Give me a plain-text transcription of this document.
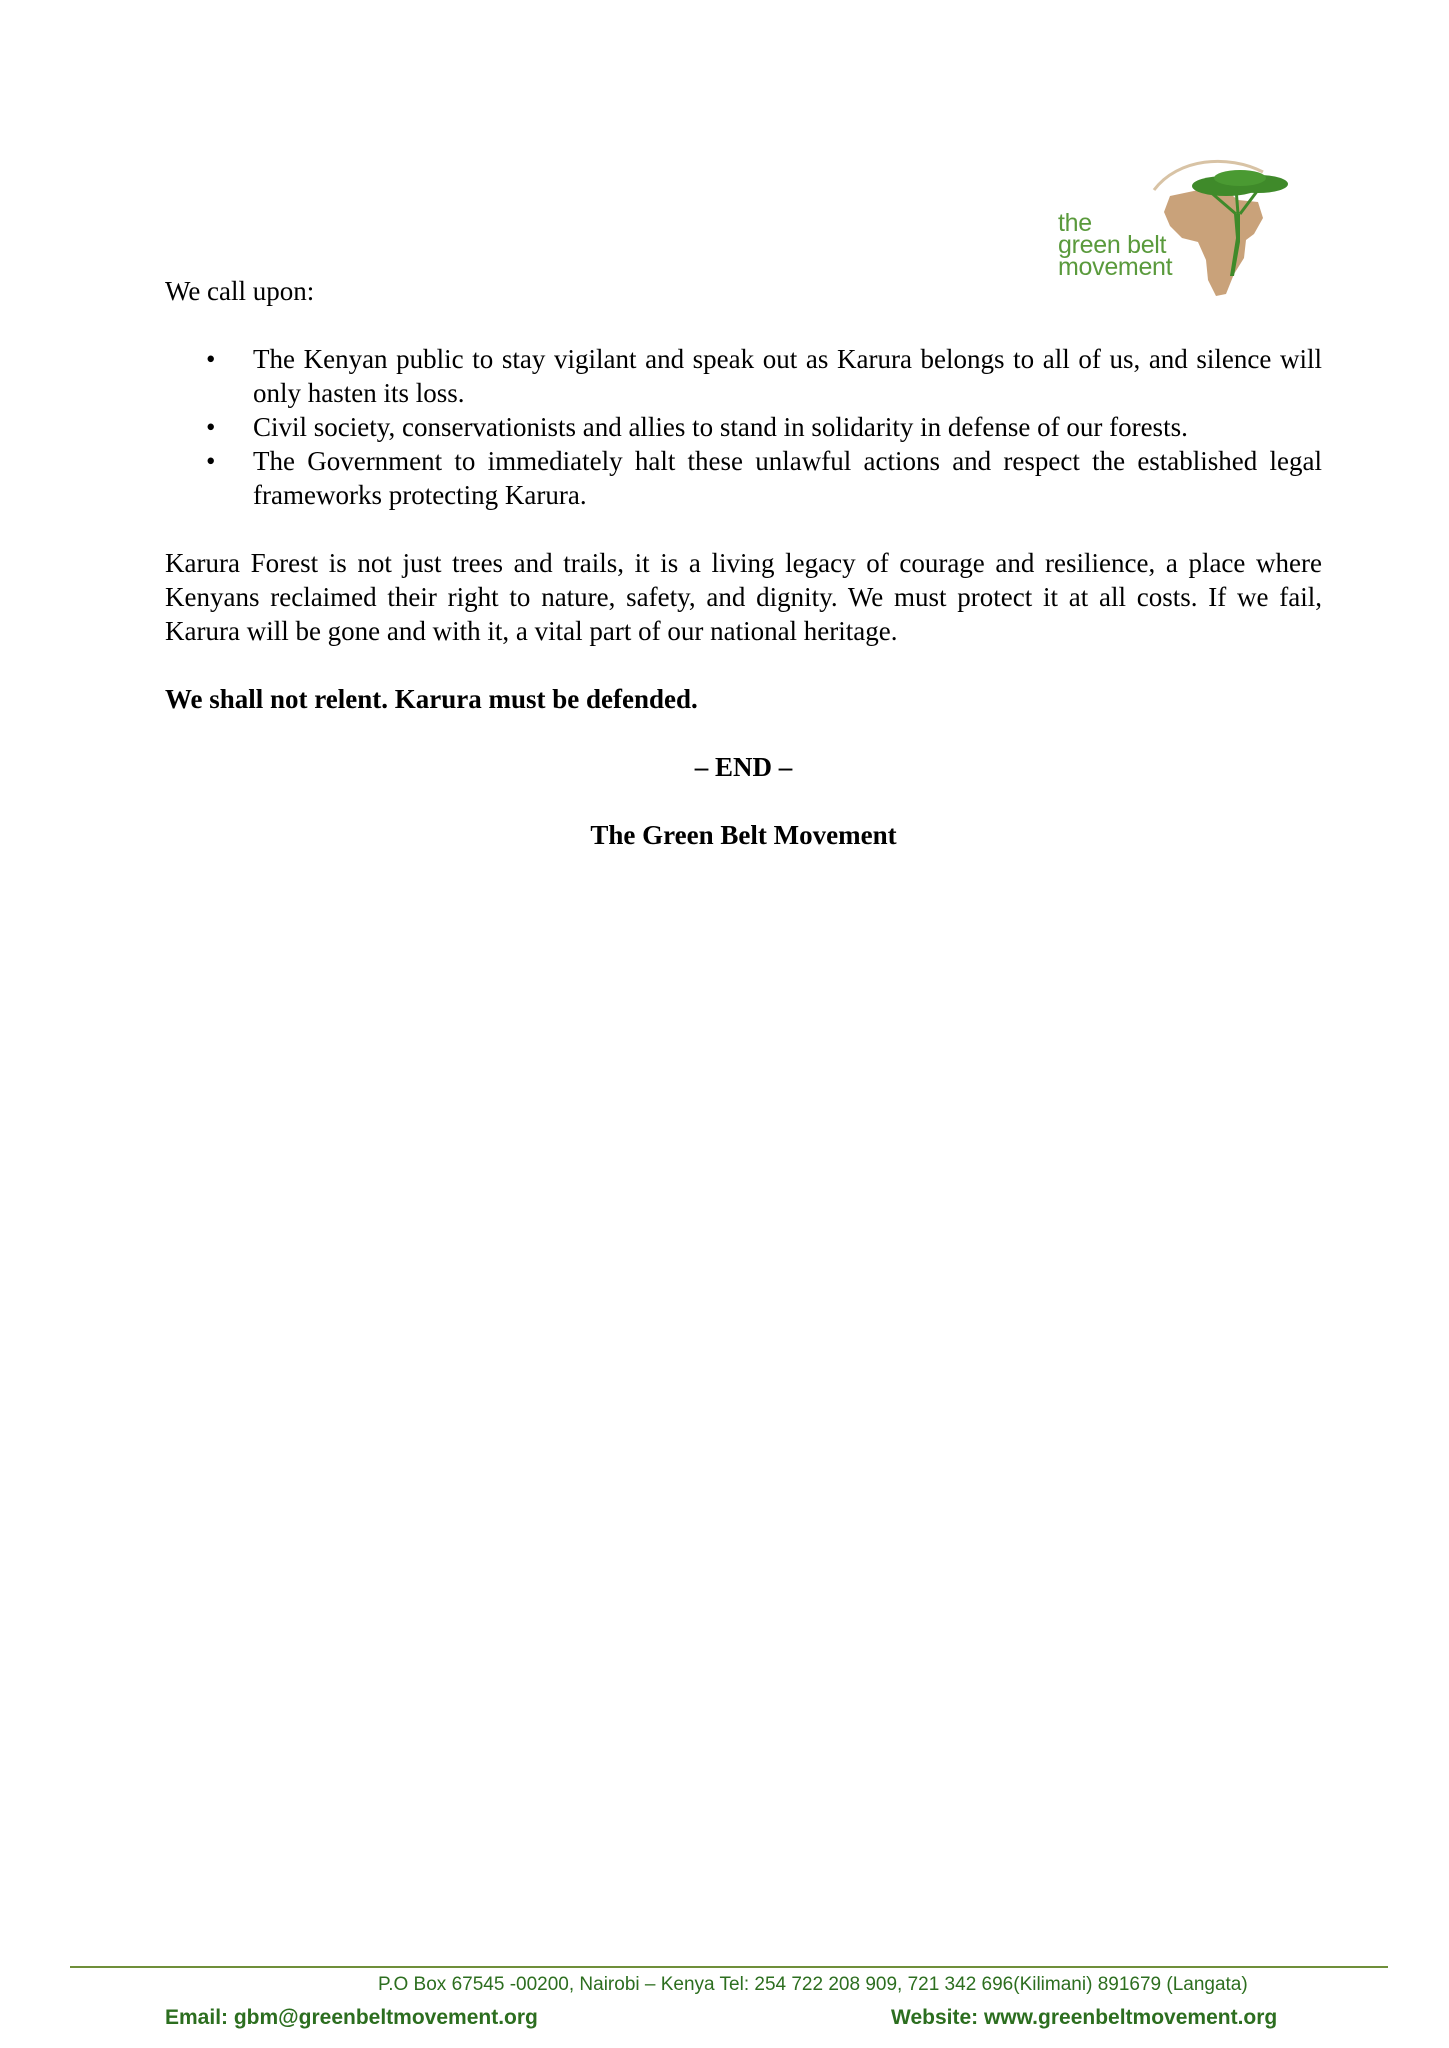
the
green belt
movement

We call upon:

• The Kenyan public to stay vigilant and speak out as Karura belongs to all of us, and silence will only hasten its loss.
• Civil society, conservationists and allies to stand in solidarity in defense of our forests.
• The Government to immediately halt these unlawful actions and respect the established legal frameworks protecting Karura.

Karura Forest is not just trees and trails, it is a living legacy of courage and resilience, a place where Kenyans reclaimed their right to nature, safety, and dignity. We must protect it at all costs. If we fail, Karura will be gone and with it, a vital part of our national heritage.

We shall not relent. Karura must be defended.

– END –

The Green Belt Movement

P.O Box 67545 -00200, Nairobi – Kenya Tel: 254 722 208 909, 721 342 696(Kilimani) 891679 (Langata)
Email: gbm@greenbeltmovement.org	Website: www.greenbeltmovement.org
